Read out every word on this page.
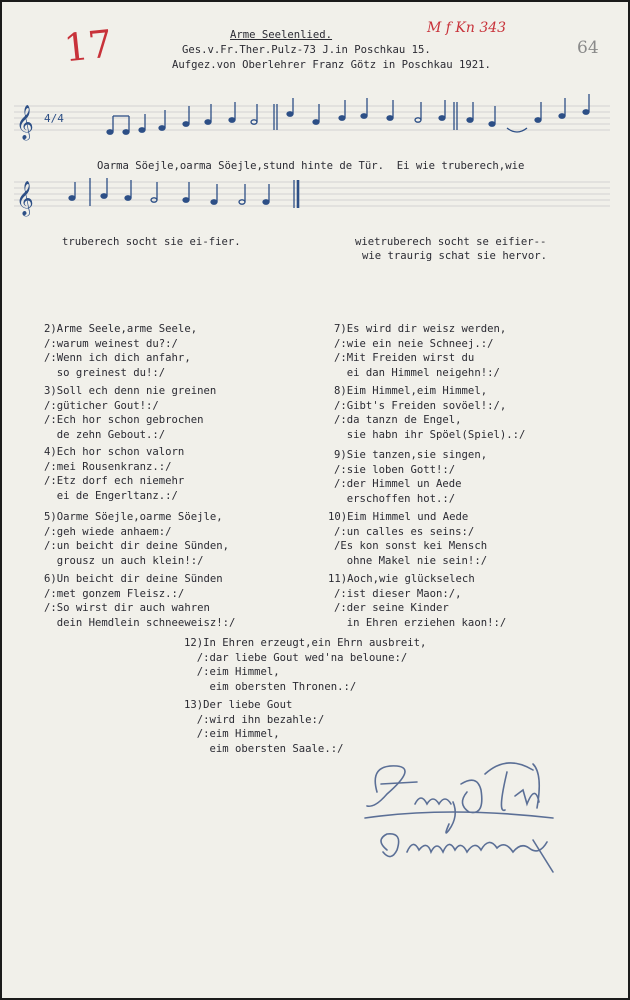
17	M f Kn 343
64
Arme Seelenlied.
Ges.v.Fr.Ther.Pulz-73 J.in Poschkau 15.
Aufgez.von Oberlehrer Franz Götz in Poschkau 1921.
𝄞
𝄞
4/4
Oarma Söejle,oarma Söejle,stund hinte de Tür.  Ei wie truberech,wie
truberech socht sie ei-fier.	wietruberech socht se eifier--
wie traurig schat sie hervor.
2)Arme Seele,arme Seele,
/:warum weinest du?:/
/:Wenn ich dich anfahr,
so greinest du!:/
3)Soll ech denn nie greinen
/:güticher Gout!:/
/:Ech hor schon gebrochen
de zehn Gebout.:/
4)Ech hor schon valorn
/:mei Rousenkranz.:/
/:Etz dorf ech niemehr
ei de Engerltanz.:/
5)Oarme Söejle,oarme Söejle,
/:geh wiede anhaem:/
/:un beicht dir deine Sünden,
grousz un auch klein!:/
6)Un beicht dir deine Sünden
/:met gonzem Fleisz.:/
/:So wirst dir auch wahren
dein Hemdlein schneeweisz!:/
7)Es wird dir weisz werden,
/:wie ein neie Schneej.:/
/:Mit Freiden wirst du
ei dan Himmel neigehn!:/
8)Eim Himmel,eim Himmel,
/:Gibt's Freiden sovöel!:/,
/:da tanzn de Engel,
sie habn ihr Spöel(Spiel).:/
9)Sie tanzen,sie singen,
/:sie loben Gott!:/
/:der Himmel un Aede
erschoffen hot.:/
10)Eim Himmel und Aede
/:un calles es seins:/
/Es kon sonst kei Mensch
ohne Makel nie sein!:/
11)Aoch,wie glückselech
/:ist dieser Maon:/,
/:der seine Kinder
in Ehren erziehen kaon!:/
12)In Ehren erzeugt,ein Ehrn ausbreit,
/:dar liebe Gout wed'na beloune:/
/:eim Himmel,
eim obersten Thronen.:/
13)Der liebe Gout
/:wird ihn bezahle:/
/:eim Himmel,
eim obersten Saale.:/
